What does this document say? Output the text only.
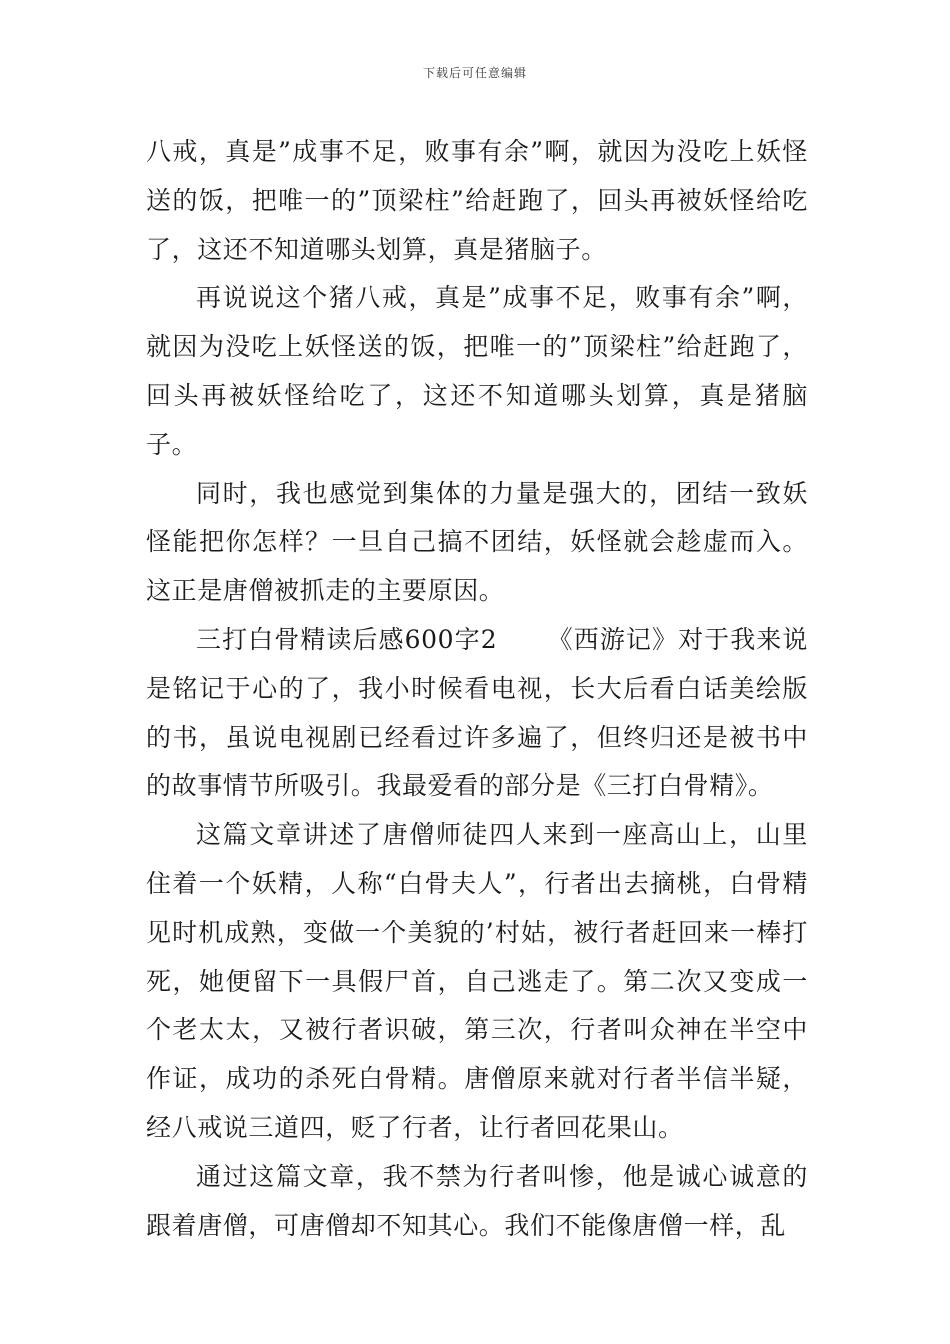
下载后可任意编辑

八戒，真是”成事不足，败事有余”啊，就因为没吃上妖怪送的饭，把唯一的”顶梁柱”给赶跑了，回头再被妖怪给吃了，这还不知道哪头划算，真是猪脑子。

再说说这个猪八戒，真是”成事不足，败事有余”啊，就因为没吃上妖怪送的饭，把唯一的”顶梁柱”给赶跑了，回头再被妖怪给吃了，这还不知道哪头划算，真是猪脑子。

同时，我也感觉到集体的力量是强大的，团结一致妖怪能把你怎样？一旦自己搞不团结，妖怪就会趁虚而入。这正是唐僧被抓走的主要原因。

三打白骨精读后感600字2 《西游记》对于我来说是铭记于心的了，我小时候看电视，长大后看白话美绘版的书，虽说电视剧已经看过许多遍了，但终归还是被书中的故事情节所吸引。我最爱看的部分是《三打白骨精》。

这篇文章讲述了唐僧师徒四人来到一座高山上，山里住着一个妖精，人称“白骨夫人”，行者出去摘桃，白骨精见时机成熟，变做一个美貌的’村姑，被行者赶回来一棒打死，她便留下一具假尸首，自己逃走了。第二次又变成一个老太太，又被行者识破，第三次，行者叫众神在半空中作证，成功的杀死白骨精。唐僧原来就对行者半信半疑，经八戒说三道四，贬了行者，让行者回花果山。

通过这篇文章，我不禁为行者叫惨，他是诚心诚意的跟着唐僧，可唐僧却不知其心。我们不能像唐僧一样，乱
